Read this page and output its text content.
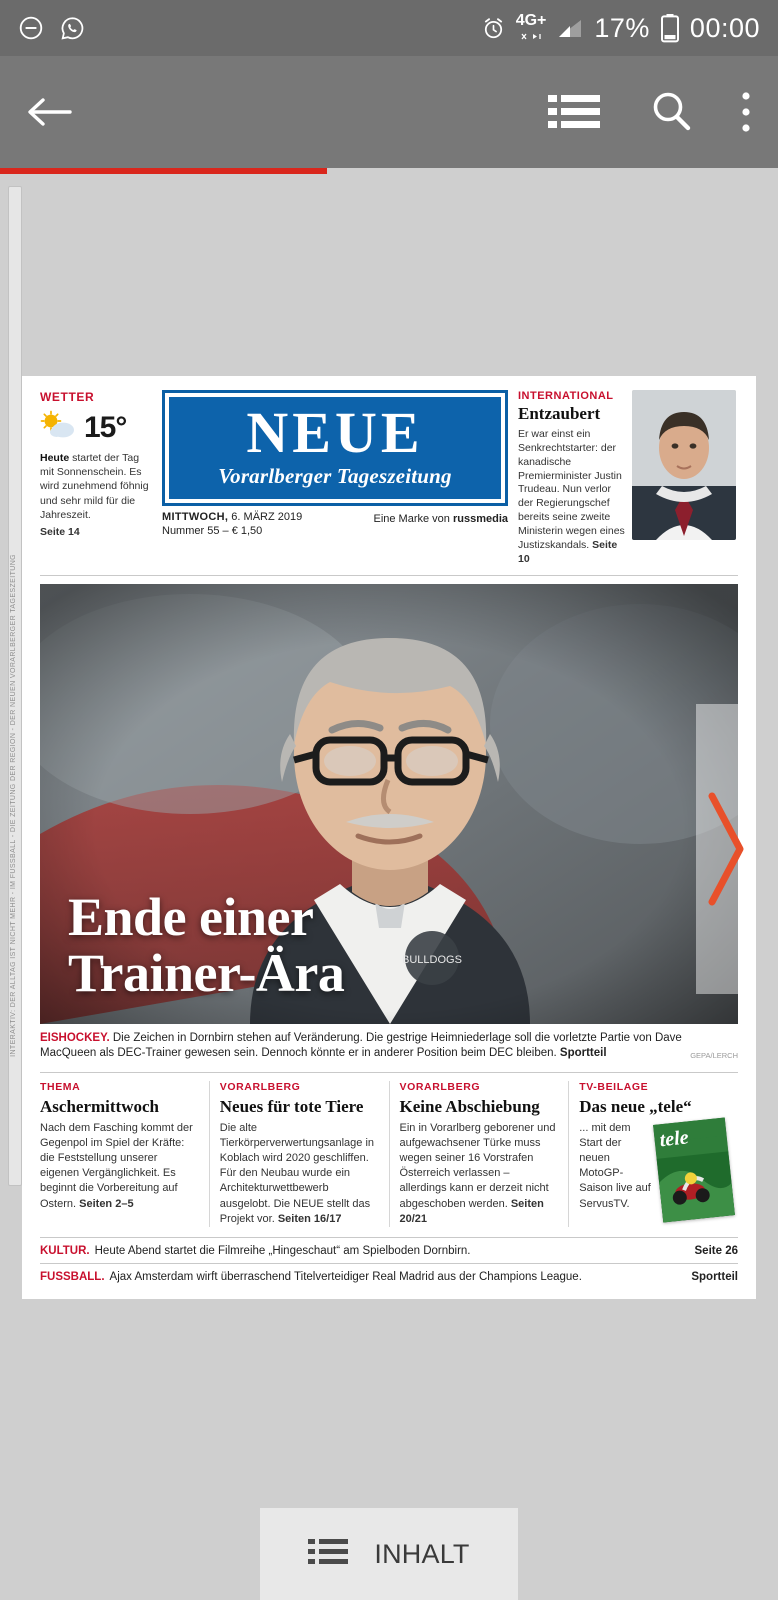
4G+ 17% 00:00
INTERAKTIV: DER ALLTAG IST NICHT MEHR - IM FUSSBALL - DIE ZEITUNG DER REGION - DER NEUEN VORARLBERGER TAGESZEITUNG
WETTER
15°
Heute startet der Tag mit Sonnenschein. Es wird zunehmend föhnig und sehr mild für die Jahreszeit.
Seite 14
NEUE
Vorarlberger Tageszeitung
MITTWOCH, 6. MÄRZ 2019
Nummer 55 – € 1,50
Eine Marke von russmedia
INTERNATIONAL
Entzaubert

Er war einst ein Senkrechtstarter: der kanadische Premierminister Justin Trudeau. Nun verlor der Regierungschef bereits seine zweite Ministerin wegen eines Justizskandals. Seite 10

Ende einer
Trainer-Ära
EISHOCKEY. Die Zeichen in Dornbirn stehen auf Veränderung. Die gestrige Heimniederlage soll die vorletzte Partie von Dave MacQueen als DEC-Trainer gewesen sein. Dennoch könnte er in anderer Position beim DEC bleiben. Sportteil	GEPA/LERCH
THEMA
Aschermittwoch

Nach dem Fasching kommt der Gegenpol im Spiel der Kräfte: die Feststellung unserer eigenen Vergänglichkeit. Es beginnt die Vorbereitung auf Ostern. Seiten 2–5

VORARLBERG
Neues für tote Tiere

Die alte Tierkörperverwertungsanlage in Koblach wird 2020 geschliffen. Für den Neubau wurde ein Architekturwettbewerb ausgelobt. Die NEUE stellt das Projekt vor. Seiten 16/17

VORARLBERG
Keine Abschiebung

Ein in Vorarlberg geborener und aufgewachsener Türke muss wegen seiner 16 Vorstrafen Österreich verlassen – allerdings kann er derzeit nicht abgeschoben werden. Seiten 20/21

TV-BEILAGE
Das neue „tele“
... mit dem Start der neuen MotoGP-Saison live auf ServusTV.
tele
KULTUR. Heute Abend startet die Filmreihe „Hingeschaut“ am Spielboden Dornbirn.	Seite 26
FUSSBALL. Ajax Amsterdam wirft überraschend Titelverteidiger Real Madrid aus der Champions League.	Sportteil
INHALT
